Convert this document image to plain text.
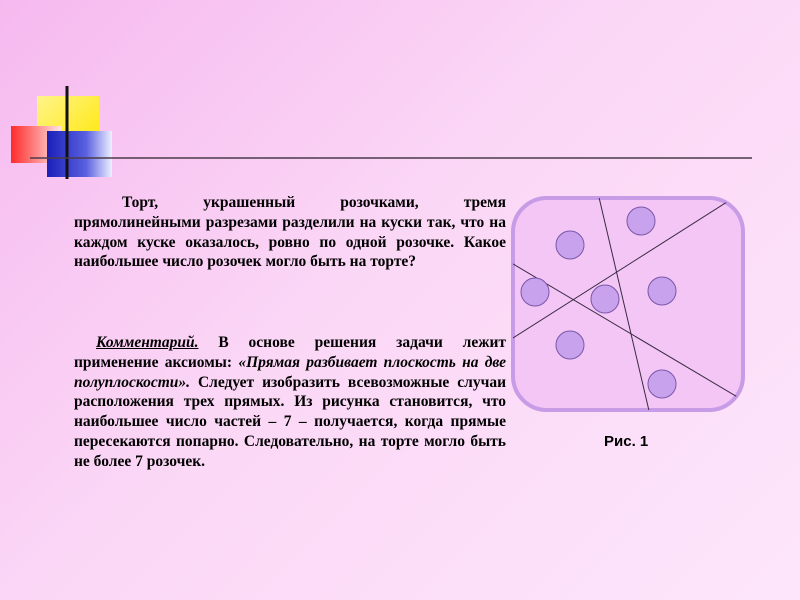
Торт, украшенный розочками, тремя прямолинейными разрезами разделили на куски так, что на каждом куске оказалось, ровно по одной розочке. Какое наибольшее число розочек могло быть на торте?
Комментарий. В основе решения задачи лежит применение аксиомы: «Прямая разбивает плоскость на две полуплоскости». Следует изобразить всевозможные случаи расположения трех прямых. Из рисунка становится, что наибольшее число частей – 7 – получается, когда прямые пересекаются попарно. Следовательно, на торте могло быть не более 7 розочек.
Рис. 1
